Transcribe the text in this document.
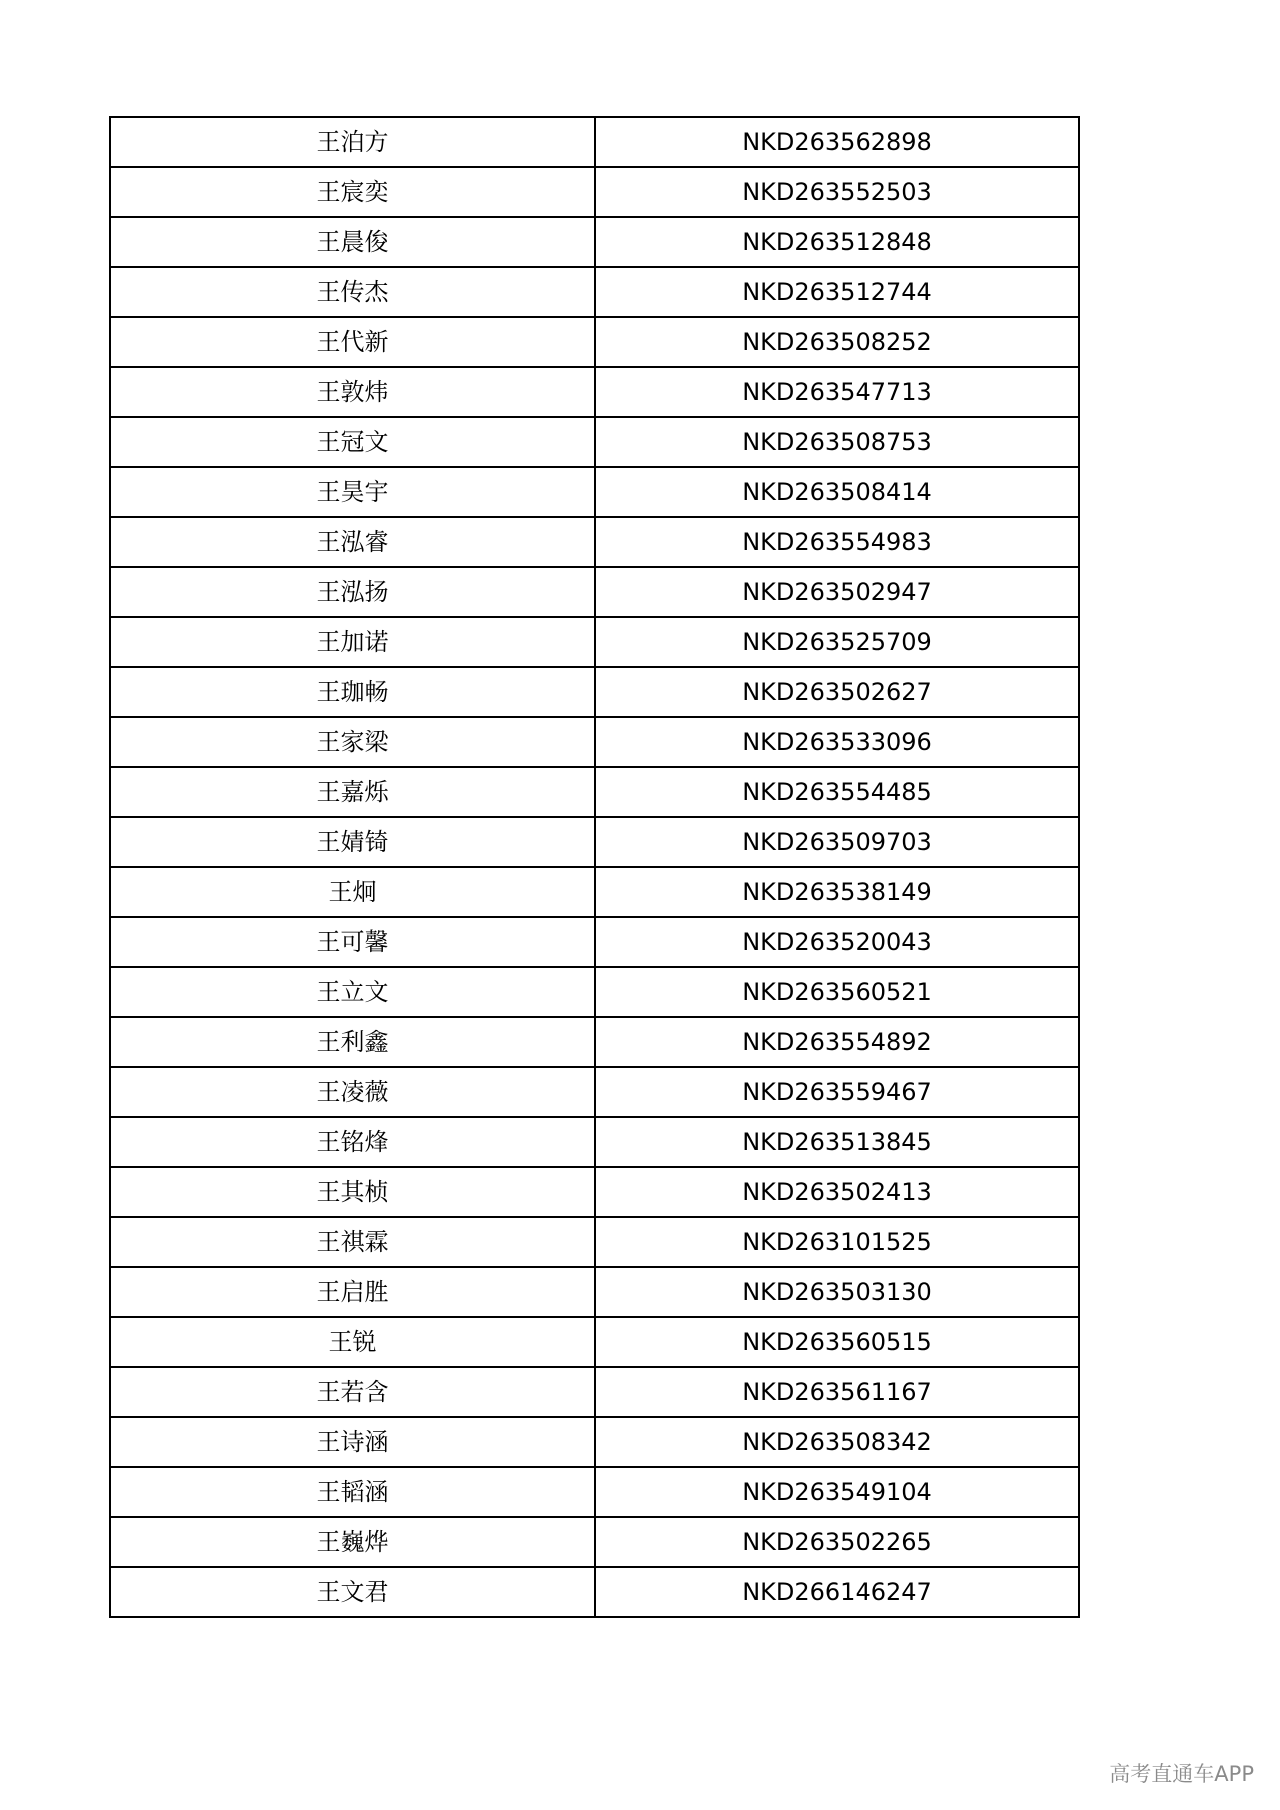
王泊方	NKD263562898
王宸奕	NKD263552503
王晨俊	NKD263512848
王传杰	NKD263512744
王代新	NKD263508252
王敦炜	NKD263547713
王冠文	NKD263508753
王昊宇	NKD263508414
王泓睿	NKD263554983
王泓扬	NKD263502947
王加诺	NKD263525709
王珈畅	NKD263502627
王家梁	NKD263533096
王嘉烁	NKD263554485
王婧锜	NKD263509703
王炯	NKD263538149
王可馨	NKD263520043
王立文	NKD263560521
王利鑫	NKD263554892
王凌薇	NKD263559467
王铭烽	NKD263513845
王其桢	NKD263502413
王祺霖	NKD263101525
王启胜	NKD263503130
王锐	NKD263560515
王若含	NKD263561167
王诗涵	NKD263508342
王韬涵	NKD263549104
王巍烨	NKD263502265
王文君	NKD266146247
高考直通车APP
